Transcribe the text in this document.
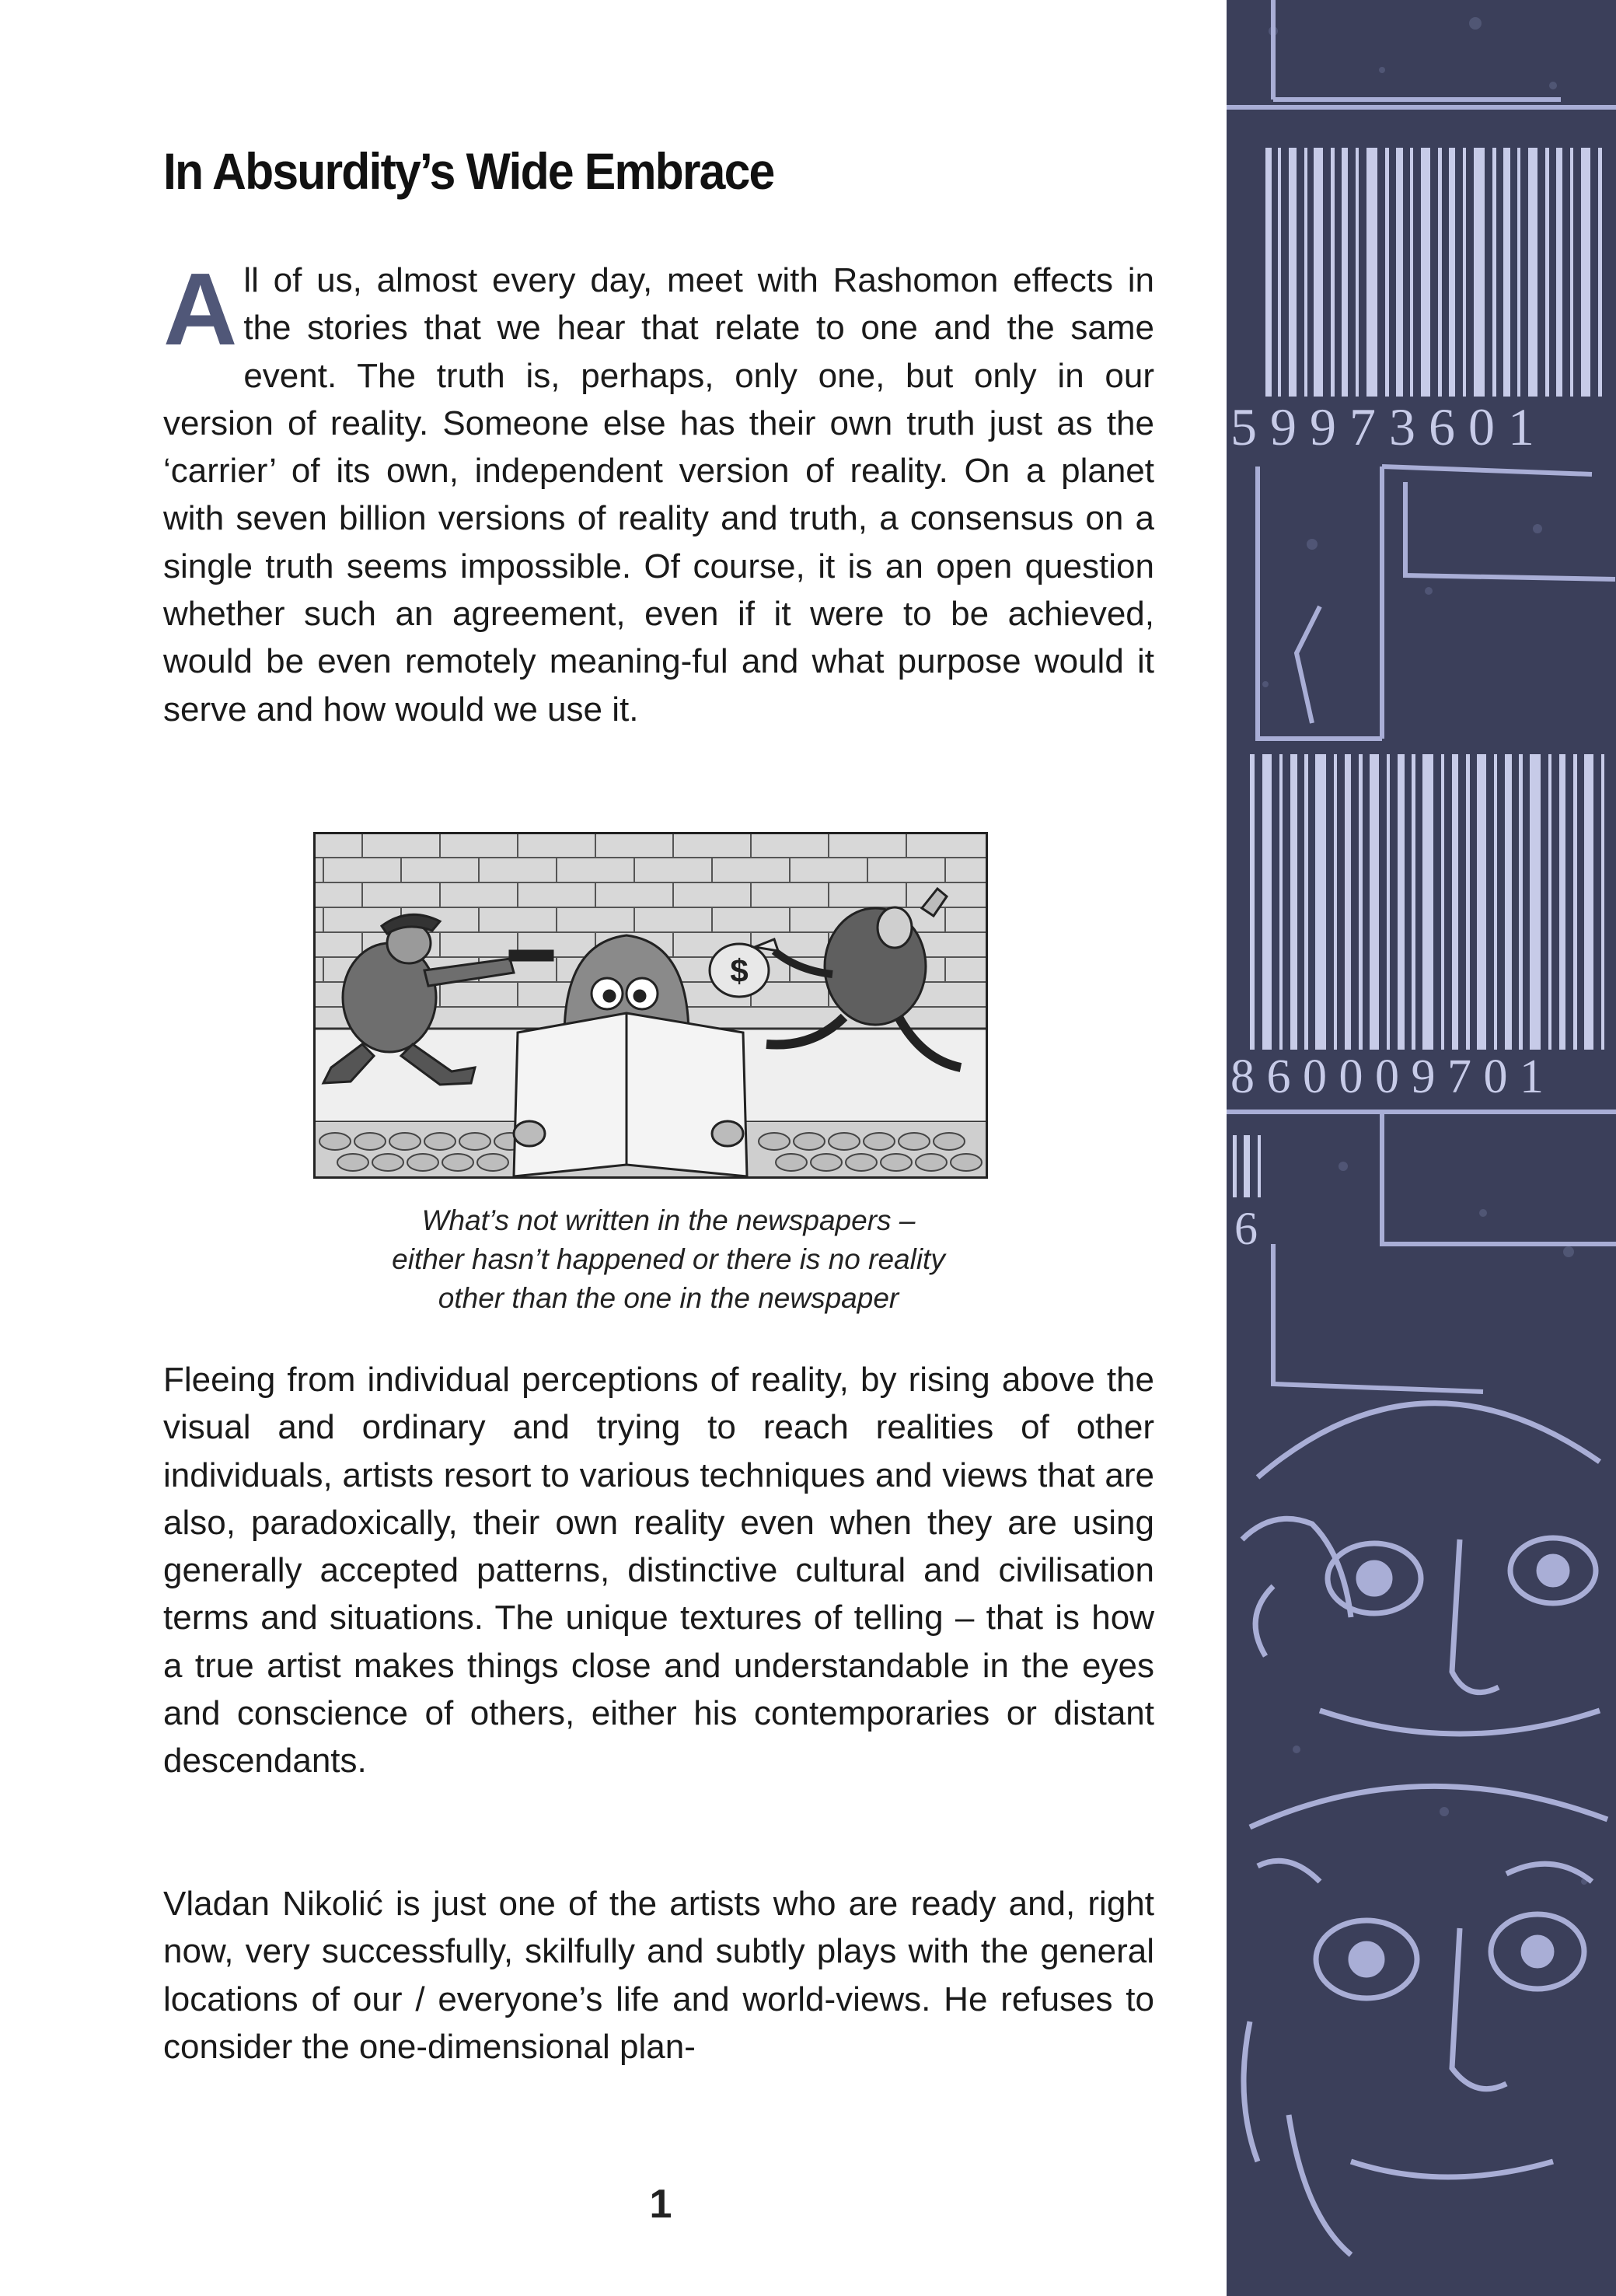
In Absurdity’s Wide Embrace

All of us, almost every day, meet with Rashomon effects in the stories that we hear that relate to one and the same event. The truth is, perhaps, only one, but only in our version of reality. Someone else has their own truth just as the ‘carrier’ of its own, independent version of reality. On a planet with seven billion versions of reality and truth, a consensus on a single truth seems impossible. Of course, it is an open question whether such an agreement, even if it were to be achieved, would be even remotely meaning-ful and what purpose would it serve and how would we use it.

$
What’s not written in the newspapers –
either hasn’t happened or there is no reality
other than the one in the newspaper

Fleeing from individual perceptions of reality, by rising above the visual and ordinary and trying to reach realities of other individuals, artists resort to various techniques and views that are also, paradoxically, their own reality even when they are using generally accepted patterns, distinctive cultural and civilisation terms and situations. The unique textures of telling – that is how a true artist makes things close and understandable in the eyes and conscience of others, either his contemporaries or distant descendants.

Vladan Nikolić is just one of the artists who are ready and, right now, very successfully, skilfully and subtly plays with the general locations of our / everyone’s life and world-views. He refuses to consider the one-dimensional plan-

1
5 9 9 7 3 6 0 1
8 6 0 0 0 9 7 0 1
6
